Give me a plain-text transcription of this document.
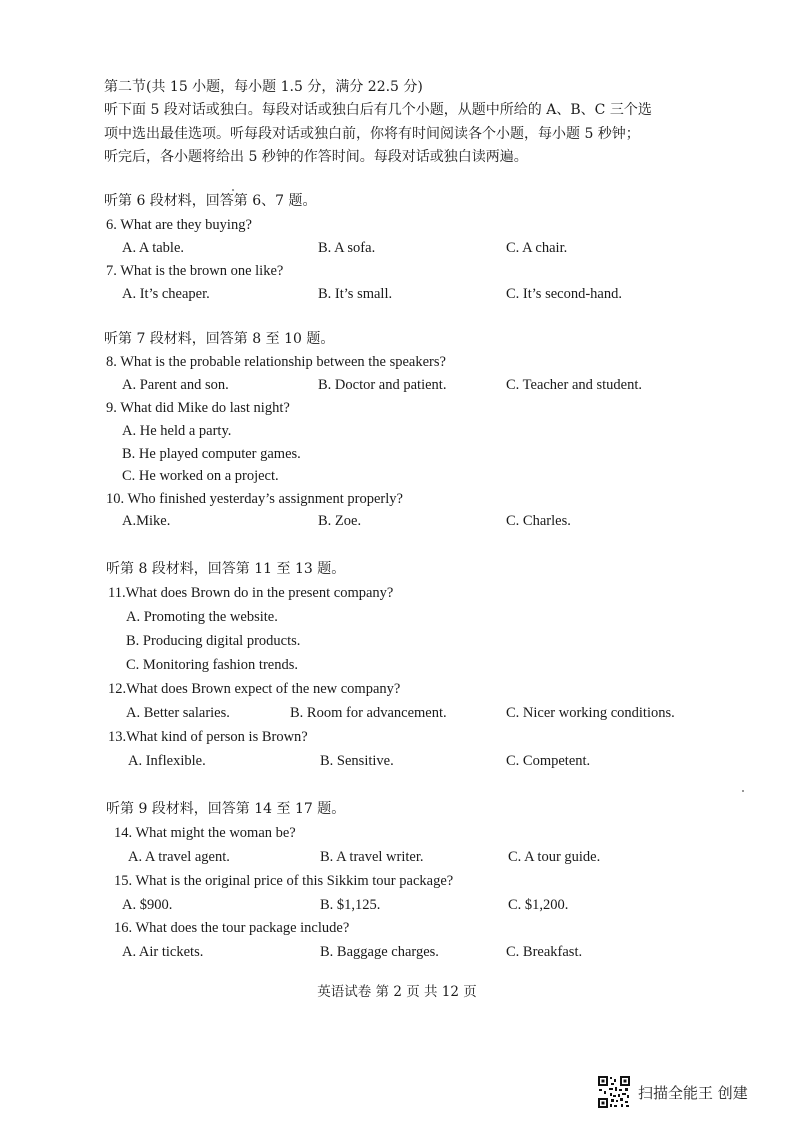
第二节(共 15 小题，每小题 1.5 分，满分 22.5 分)
听下面 5 段对话或独白。每段对话或独白后有几个小题，从题中所给的 A、B、C 三个选
项中选出最佳选项。听每段对话或独白前，你将有时间阅读各个小题，每小题 5 秒钟；
听完后，各小题将给出 5 秒钟的作答时间。每段对话或独白读两遍。
听第 6 段材料，回答第 6、7 题。
6. What are they buying?
A. A table.	B. A sofa.	C. A chair.
7. What is the brown one like?
A. It’s cheaper.	B. It’s small.	C. It’s second-hand.
听第 7 段材料，回答第 8 至 10 题。
8. What is the probable relationship between the speakers?
A. Parent and son.	B. Doctor and patient.	C. Teacher and student.
9. What did Mike do last night?
A. He held a party.
B. He played computer games.
C. He worked on a project.
10. Who finished yesterday’s assignment properly?
A.Mike.	B. Zoe.	C. Charles.
听第 8 段材料，回答第 11 至 13 题。
11.What does Brown do in the present company?
A. Promoting the website.
B. Producing digital products.
C. Monitoring fashion trends.
12.What does Brown expect of the new company?
A. Better salaries.	B. Room for advancement.	C. Nicer working conditions.
13.What kind of person is Brown?
A. Inflexible.	B. Sensitive.	C. Competent.
听第 9 段材料，回答第 14 至 17 题。
14. What might the woman be?
A. A travel agent.	B. A travel writer.	C. A tour guide.
15. What is the original price of this Sikkim tour package?
A. $900.	B. $1,125.	C. $1,200.
16. What does the tour package include?
A. Air tickets.	B. Baggage charges.	C. Breakfast.
英语试卷 第 2 页 共 12 页
扫描全能王 创建
